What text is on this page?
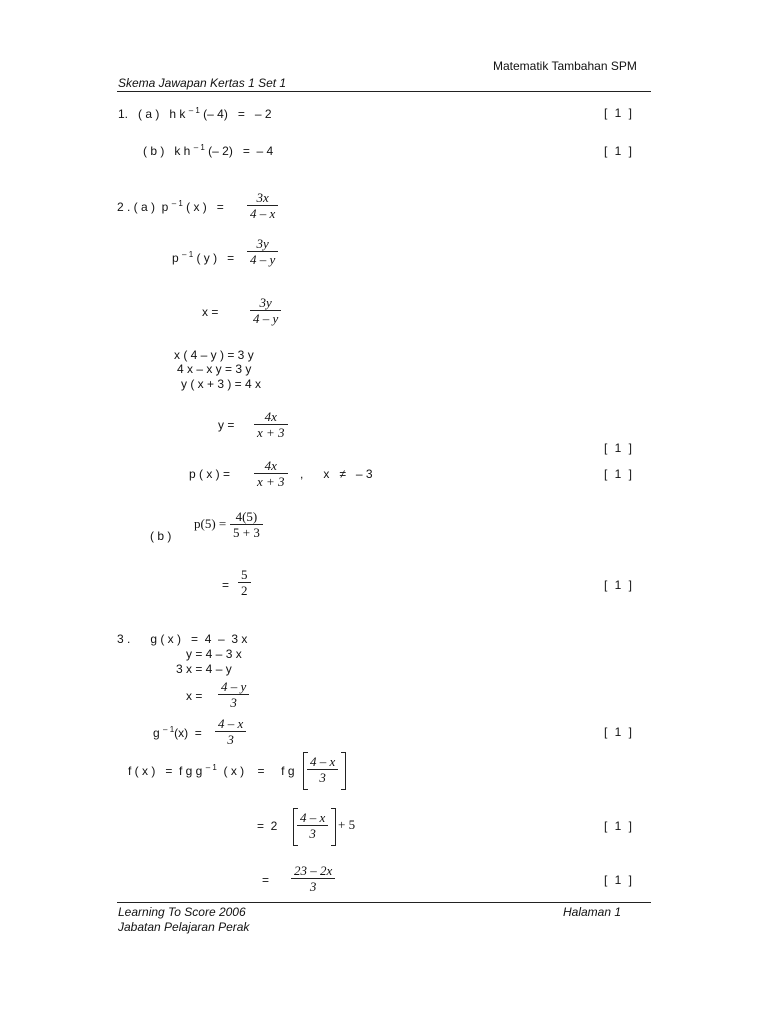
Matematik Tambahan SPM
Skema Jawapan Kertas 1 Set 1
1.   ( a )   h k $^{- 1}$ (– 4)   =   – 2	[ 1 ]
( b )   k h $^{- 1}$ (– 2)   =  – 4	[ 1 ]
2 . ( a )  p $^{- 1}$ ( x )   =
3x
4 – x
p $^{- 1}$ ( y )   =
3y
4 – y
x =
3y
4 – y
x ( 4 – y ) = 3 y
4 x – x y = 3 y
y ( x + 3 ) = 4 x
y =
4x
x + 3
[ 1 ]
p ( x ) =
4x
x + 3 ,      x   ≠   – 3	[ 1 ]
( b )
p(5) = 4(5)
5 + 3
=
5
2	[ 1 ]
3 .      g ( x )   =  4  –  3 x
y = 4 – 3 x
3 x = 4 – y
x =
4 – y
3
g $^{- 1}$(x)  =
4 – x
3	[ 1 ]
f ( x )   =  f g g $^{- 1}$  ( x )    =     f g
4 – x
3
=  2
4 – x
3
+ 5	[ 1 ]
=
23 – 2x
3	[ 1 ]
Learning To Score 2006
Jabatan Pelajaran Perak
Halaman 1
